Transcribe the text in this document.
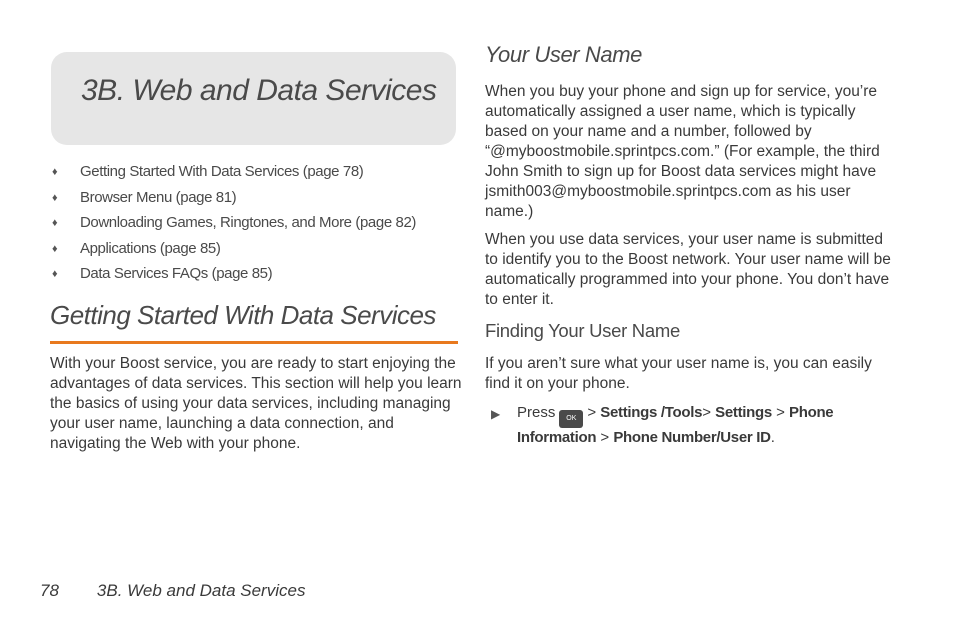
3B. Web and Data Services
♦ Getting Started With Data Services (page 78)
♦ Browser Menu (page 81)
♦ Downloading Games, Ringtones, and More (page 82)
♦ Applications (page 85)
♦ Data Services FAQs (page 85)
Getting Started With Data Services

With your Boost service, you are ready to start enjoying the advantages of data services. This section will help you learn the basics of using your data services, including managing your user name, launching a data connection, and navigating the Web with your phone.

Your User Name

When you buy your phone and sign up for service, you’re automatically assigned a user name, which is typically based on your name and a number, followed by “@myboostmobile.sprintpcs.com.” (For example, the third John Smith to sign up for Boost data services might have jsmith003@myboostmobile.sprintpcs.com as his user name.)

When you use data services, your user name is submitted to identify you to the Boost network. Your user name will be automatically programmed into your phone. You don’t have to enter it.

Finding Your User Name

If you aren’t sure what your user name is, you can easily find it on your phone.

▶ Press OK > Settings /Tools> Settings > Phone Information > Phone Number/User ID.
78 3B. Web and Data Services
